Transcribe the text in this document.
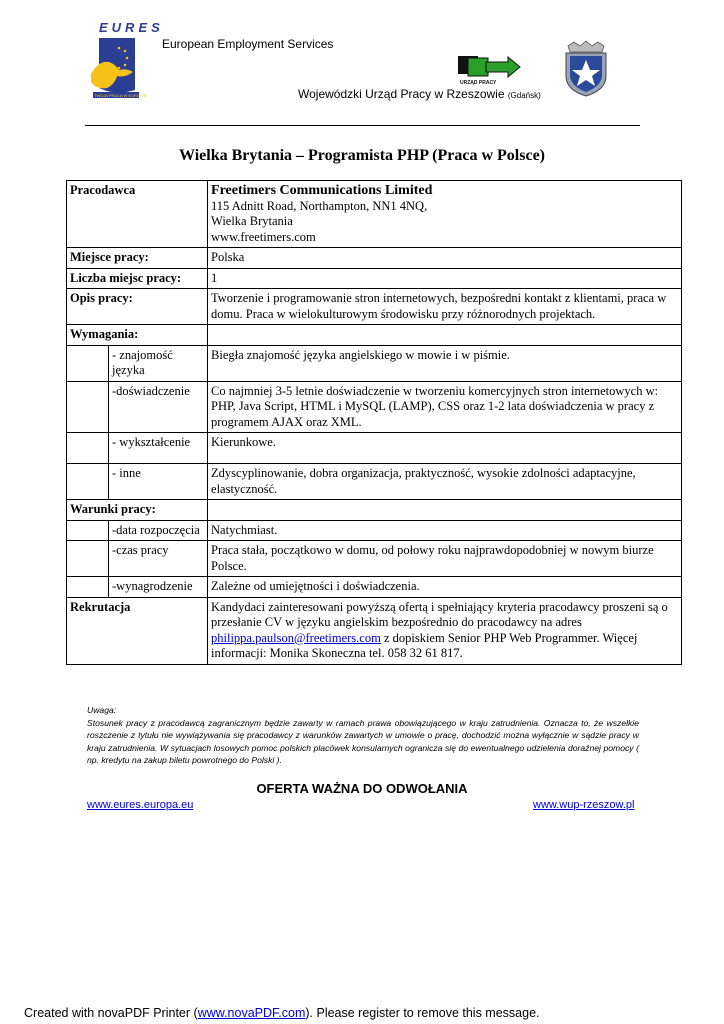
EURES
TWOJA PRACA W EUROPIE
European Employment Services
URZĄD PRACY
Wojewódzki Urząd Pracy w Rzeszowie (Gdańsk)
Wielka Brytania – Programista PHP (Praca w Polsce)
Pracodawca		Freetimers Communications Limited
115 Adnitt Road, Northampton, NN1 4NQ,
Wielka Brytania
www.freetimers.com

Miejsce pracy:		Polska
Liczba miejsc pracy:		1
Opis pracy:		Tworzenie i programowanie stron internetowych, bezpośredni kontakt z klientami, praca w domu. Praca w wielokulturowym środowisku przy różnorodnych projektach.
Wymagania:		
	- znajomość języka	Biegła znajomość języka angielskiego w mowie i w piśmie.
	-doświadczenie	Co najmniej 3-5 letnie doświadczenie w tworzeniu komercyjnych stron internetowych w: PHP, Java Script, HTML i MySQL (LAMP), CSS oraz 1-2 lata doświadczenia w pracy z programem AJAX oraz XML.
	- wykształcenie	Kierunkowe.
	- inne	Zdyscyplinowanie, dobra organizacja, praktyczność, wysokie zdolności adaptacyjne, elastyczność.
Warunki pracy:		
	-data rozpoczęcia	Natychmiast.
	-czas pracy	Praca stała, początkowo w domu, od połowy roku najprawdopodobniej w nowym biurze Polsce.
	-wynagrodzenie	Zależne od umiejętności i doświadczenia.
Rekrutacja		Kandydaci zainteresowani powyższą ofertą i spełniający kryteria pracodawcy proszeni są o przesłanie CV w języku angielskim bezpośrednio do pracodawcy na adres philippa.paulson@freetimers.com z dopiskiem Senior PHP Web Programmer. Więcej informacji: Monika Skoneczna tel. 058 32 61 817.
Uwaga:
Stosunek pracy z pracodawcą zagranicznym będzie zawarty w ramach prawa obowiązującego w kraju zatrudnienia. Oznacza to, że wszelkie roszczenie z tytułu nie wywiązywania się pracodawcy z warunków zawartych w umowie o pracę, dochodzić można wyłącznie w sądzie pracy w kraju zatrudnienia. W sytuacjach losowych pomoc polskich placówek konsularnych ogranicza się do ewentualnego udzielenia doraźnej pomocy ( np. kredytu na zakup biletu powrotnego do Polski ).
OFERTA WAŻNA DO ODWOŁANIA
www.eures.europa.eu	www.wup-rzeszow.pl
Created with novaPDF Printer (www.novaPDF.com). Please register to remove this message.
